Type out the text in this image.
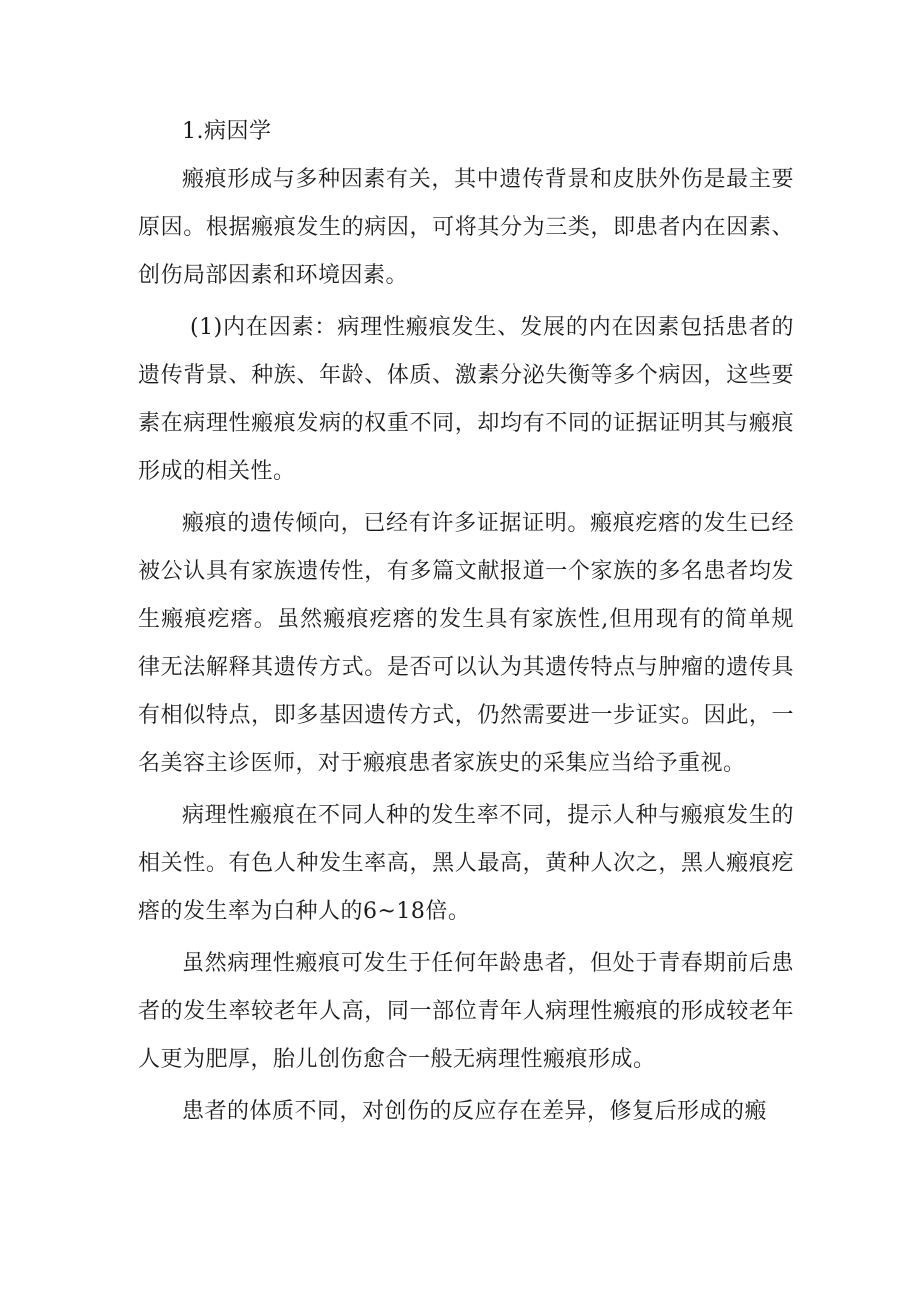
1.病因学

瘢痕形成与多种因素有关，其中遗传背景和皮肤外伤是最主要原因。根据瘢痕发生的病因，可将其分为三类，即患者内在因素、创伤局部因素和环境因素。

(1)内在因素：病理性瘢痕发生、发展的内在因素包括患者的遗传背景、种族、年龄、体质、激素分泌失衡等多个病因，这些要素在病理性瘢痕发病的权重不同，却均有不同的证据证明其与瘢痕形成的相关性。

瘢痕的遗传倾向，已经有许多证据证明。瘢痕疙瘩的发生已经被公认具有家族遗传性，有多篇文献报道一个家族的多名患者均发生瘢痕疙瘩。虽然瘢痕疙瘩的发生具有家族性,但用现有的简单规律无法解释其遗传方式。是否可以认为其遗传特点与肿瘤的遗传具有相似特点，即多基因遗传方式，仍然需要进一步证实。因此，一名美容主诊医师，对于瘢痕患者家族史的采集应当给予重视。

病理性瘢痕在不同人种的发生率不同，提示人种与瘢痕发生的相关性。有色人种发生率高，黑人最高，黄种人次之，黑人瘢痕疙瘩的发生率为白种人的6~18倍。

虽然病理性瘢痕可发生于任何年龄患者，但处于青春期前后患者的发生率较老年人高，同一部位青年人病理性瘢痕的形成较老年人更为肥厚，胎儿创伤愈合一般无病理性瘢痕形成。

患者的体质不同，对创伤的反应存在差异，修复后形成的瘢
